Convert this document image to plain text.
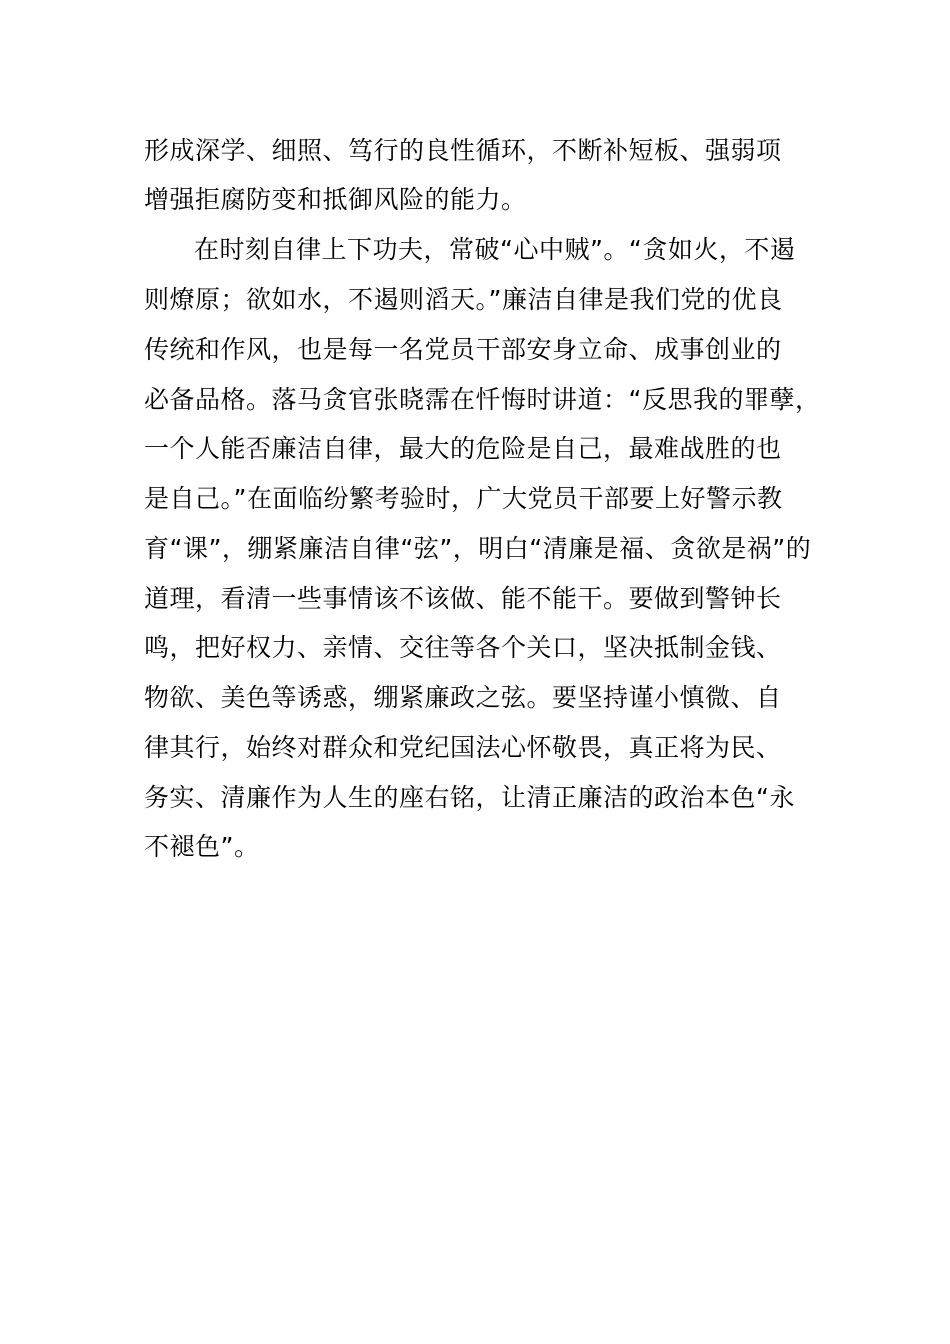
形成深学、细照、笃行的良性循环，不断补短板、强弱项
增强拒腐防变和抵御风险的能力。
在时刻自律上下功夫，常破“心中贼”。“贪如火，不遏
则燎原；欲如水，不遏则滔天。”廉洁自律是我们党的优良
传统和作风，也是每一名党员干部安身立命、成事创业的
必备品格。落马贪官张晓霈在忏悔时讲道：“反思我的罪孽，
一个人能否廉洁自律，最大的危险是自己，最难战胜的也
是自己。”在面临纷繁考验时，广大党员干部要上好警示教
育“课”，绷紧廉洁自律“弦”，明白“清廉是福、贪欲是祸”的
道理，看清一些事情该不该做、能不能干。要做到警钟长
鸣，把好权力、亲情、交往等各个关口，坚决抵制金钱、
物欲、美色等诱惑，绷紧廉政之弦。要坚持谨小慎微、自
律其行，始终对群众和党纪国法心怀敬畏，真正将为民、
务实、清廉作为人生的座右铭，让清正廉洁的政治本色“永
不褪色”。
